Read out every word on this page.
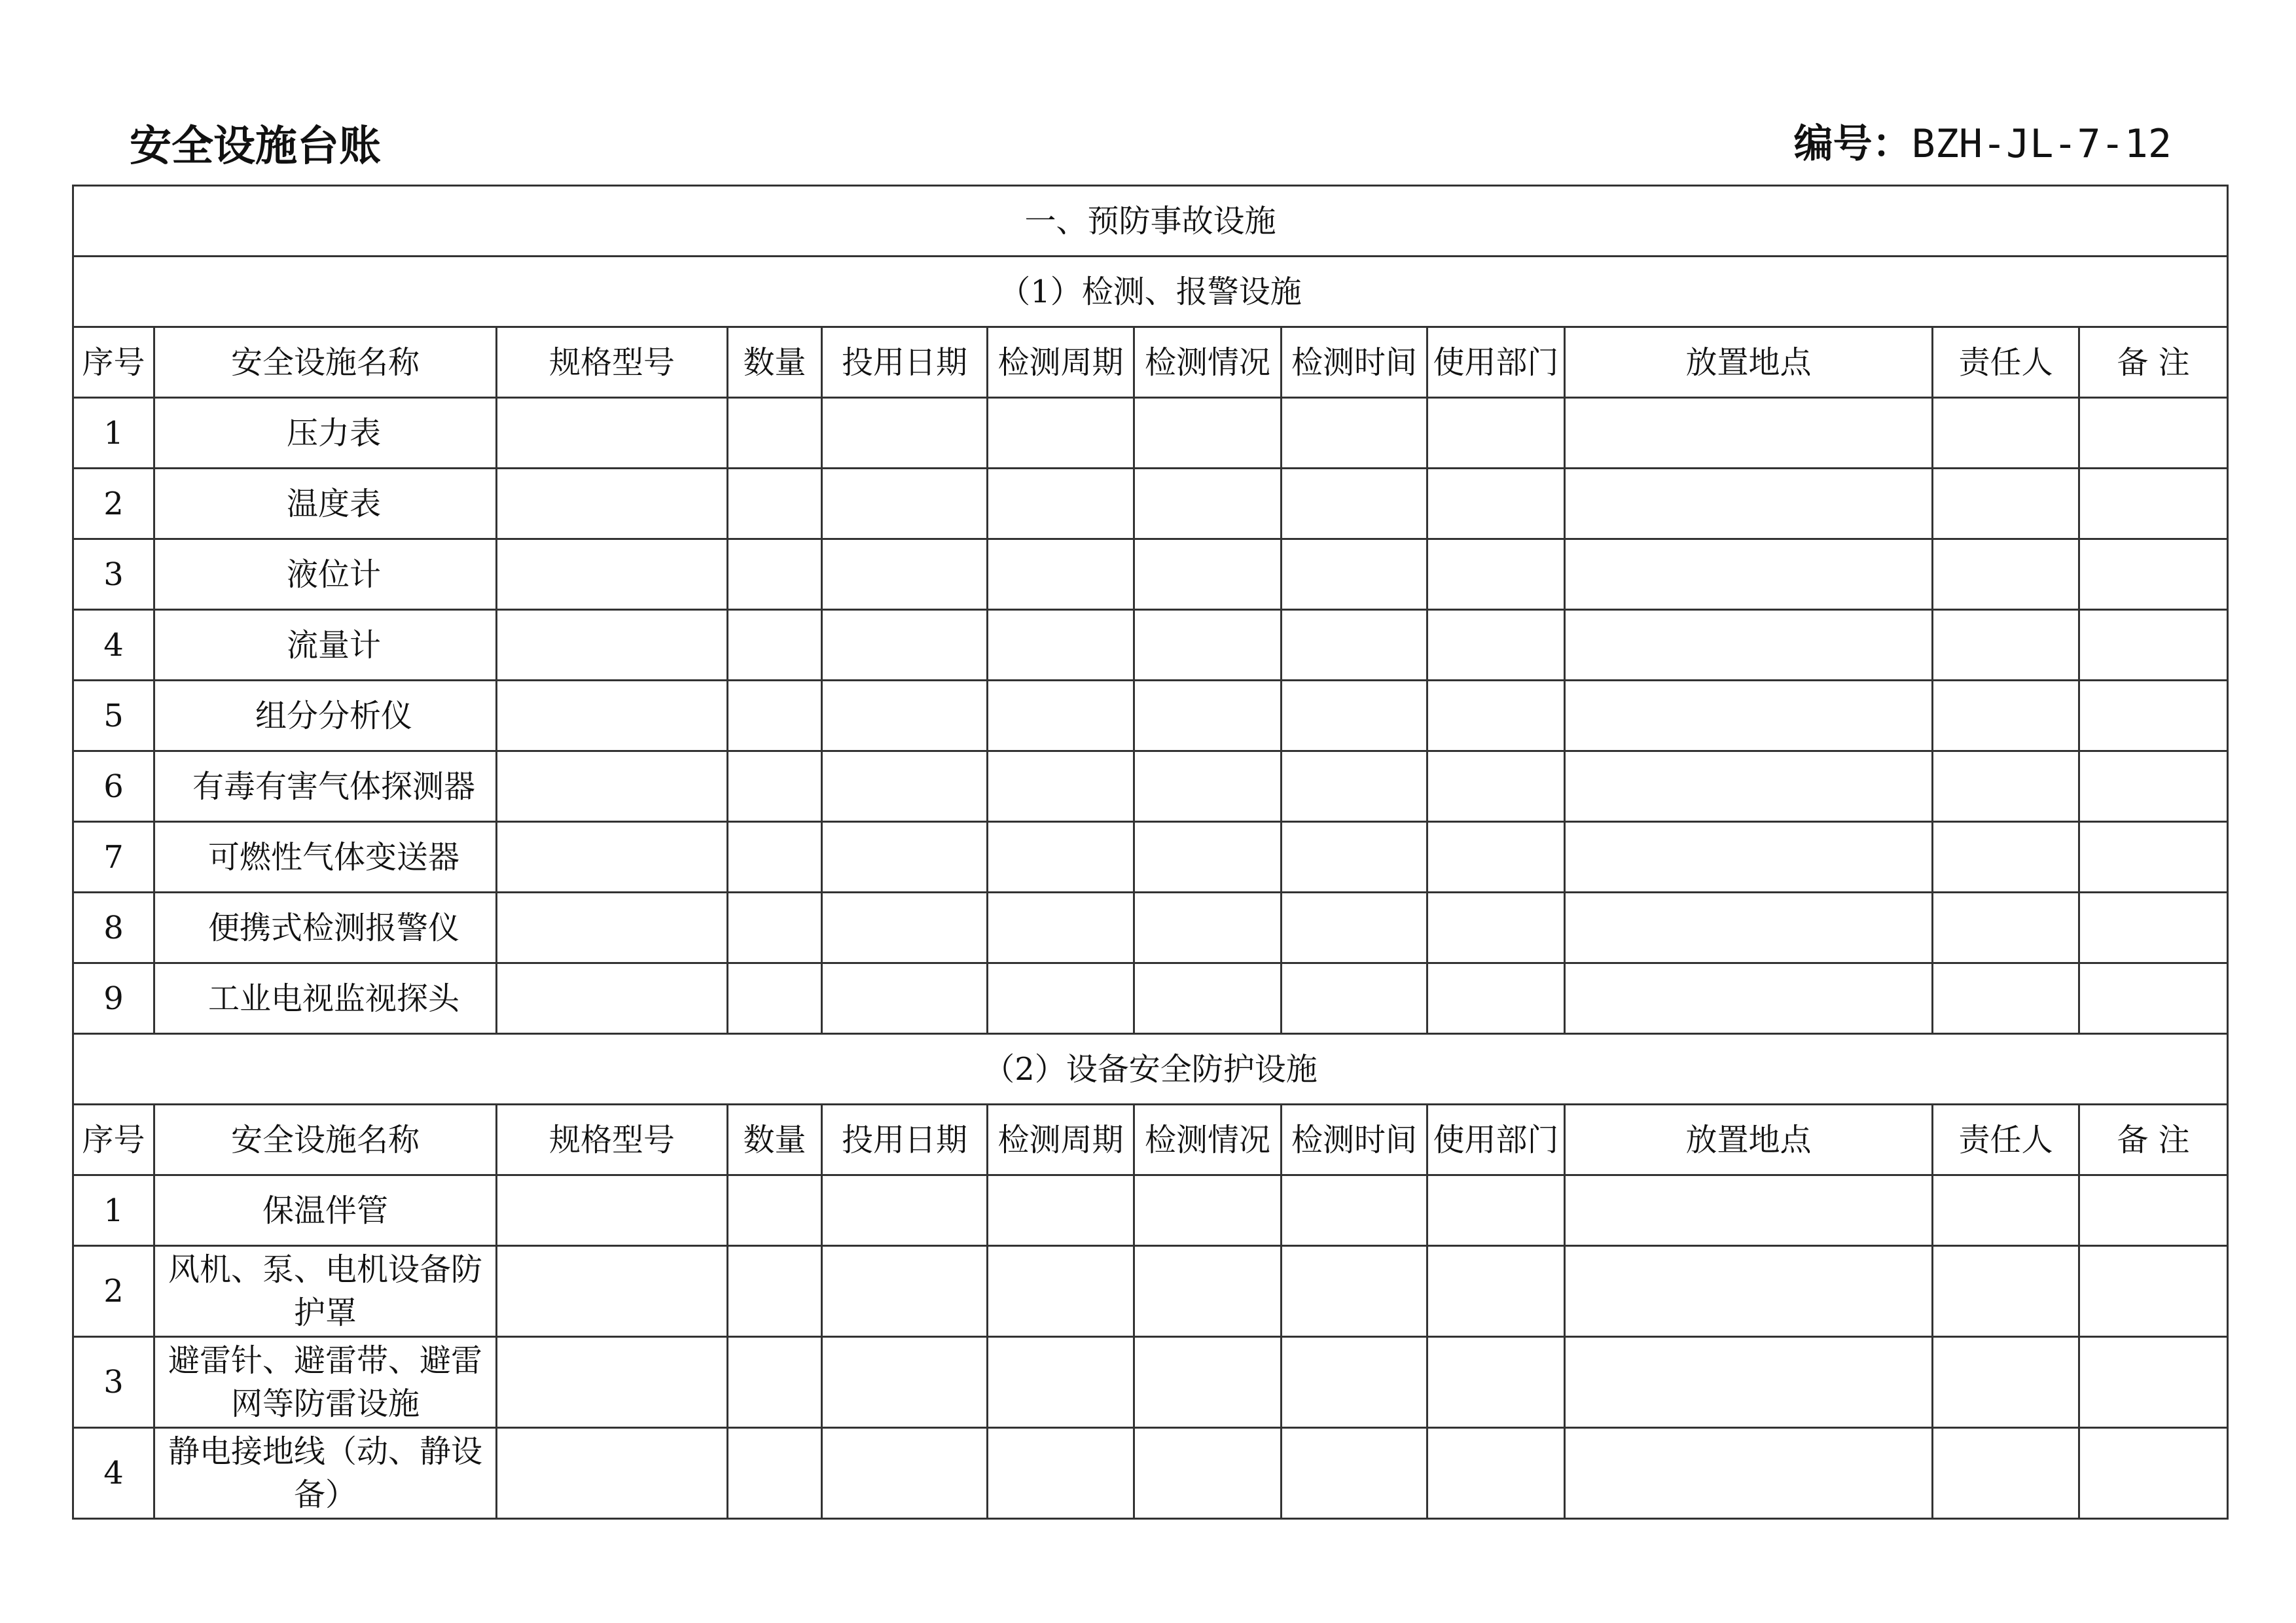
安全设施台账	编号：BZH-JL-7-12
一、预防事故设施											
（1）检测、报警设施											
序号	安全设施名称	规格型号	数量	投用日期	检测周期	检测情况	检测时间	使用部门	放置地点	责任人	备 注
1	压力表										
2	温度表										
3	液位计										
4	流量计										
5	组分分析仪										
6	有毒有害气体探测器										
7	可燃性气体变送器										
8	便携式检测报警仪										
9	工业电视监视探头										
（2）设备安全防护设施											
序号	安全设施名称	规格型号	数量	投用日期	检测周期	检测情况	检测时间	使用部门	放置地点	责任人	备 注
1	保温伴管										
2	风机、泵、电机设备防护罩										
3	避雷针、避雷带、避雷网等防雷设施										
4	静电接地线（动、静设备）										
